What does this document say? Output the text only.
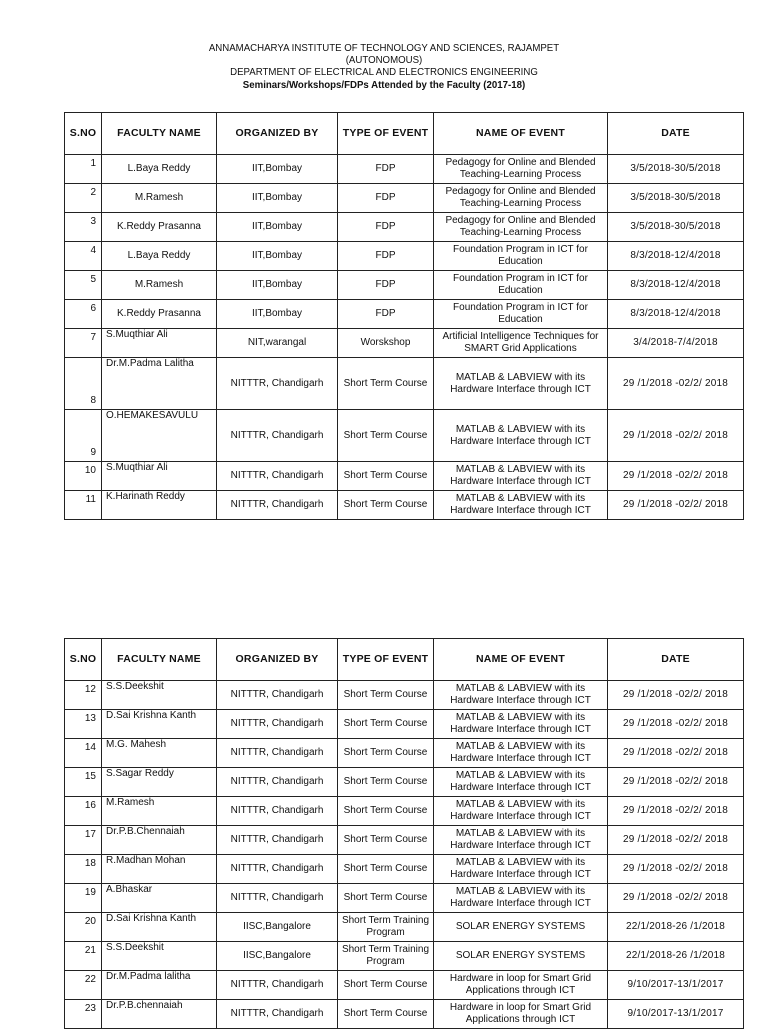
ANNAMACHARYA INSTITUTE OF TECHNOLOGY AND SCIENCES, RAJAMPET
(AUTONOMOUS)
DEPARTMENT OF ELECTRICAL AND ELECTRONICS ENGINEERING
Seminars/Workshops/FDPs Attended by the Faculty (2017-18)
S.NO	FACULTY NAME	ORGANIZED BY	TYPE OF EVENT	NAME OF EVENT	DATE
1	L.Baya Reddy	IIT,Bombay	FDP	Pedagogy for Online and Blended Teaching-Learning Process	3/5/2018-30/5/2018
2	M.Ramesh	IIT,Bombay	FDP	Pedagogy for Online and Blended Teaching-Learning Process	3/5/2018-30/5/2018
3	K.Reddy Prasanna	IIT,Bombay	FDP	Pedagogy for Online and Blended Teaching-Learning Process	3/5/2018-30/5/2018
4	L.Baya Reddy	IIT,Bombay	FDP	Foundation Program in ICT for Education	8/3/2018-12/4/2018
5	M.Ramesh	IIT,Bombay	FDP	Foundation Program in ICT for Education	8/3/2018-12/4/2018
6	K.Reddy Prasanna	IIT,Bombay	FDP	Foundation Program in ICT for Education	8/3/2018-12/4/2018
7	S.Muqthiar Ali	NIT,warangal	Worskshop	Artificial Intelligence Techniques for SMART Grid Applications	3/4/2018-7/4/2018
8	Dr.M.Padma Lalitha	NITTTR, Chandigarh	Short Term Course	MATLAB & LABVIEW with its Hardware Interface through ICT	29 /1/2018 -02/2/ 2018
9	O.HEMAKESAVULU	NITTTR, Chandigarh	Short Term Course	MATLAB & LABVIEW with its Hardware Interface through ICT	29 /1/2018 -02/2/ 2018
10	S.Muqthiar Ali	NITTTR, Chandigarh	Short Term Course	MATLAB & LABVIEW with its Hardware Interface through ICT	29 /1/2018 -02/2/ 2018
11	K.Harinath Reddy	NITTTR, Chandigarh	Short Term Course	MATLAB & LABVIEW with its Hardware Interface through ICT	29 /1/2018 -02/2/ 2018
S.NO	FACULTY NAME	ORGANIZED BY	TYPE OF EVENT	NAME OF EVENT	DATE
12	S.S.Deekshit	NITTTR, Chandigarh	Short Term Course	MATLAB & LABVIEW with its Hardware Interface through ICT	29 /1/2018 -02/2/ 2018
13	D.Sai Krishna Kanth	NITTTR, Chandigarh	Short Term Course	MATLAB & LABVIEW with its Hardware Interface through ICT	29 /1/2018 -02/2/ 2018
14	M.G. Mahesh	NITTTR, Chandigarh	Short Term Course	MATLAB & LABVIEW with its Hardware Interface through ICT	29 /1/2018 -02/2/ 2018
15	S.Sagar Reddy	NITTTR, Chandigarh	Short Term Course	MATLAB & LABVIEW with its Hardware Interface through ICT	29 /1/2018 -02/2/ 2018
16	M.Ramesh	NITTTR, Chandigarh	Short Term Course	MATLAB & LABVIEW with its Hardware Interface through ICT	29 /1/2018 -02/2/ 2018
17	Dr.P.B.Chennaiah	NITTTR, Chandigarh	Short Term Course	MATLAB & LABVIEW with its Hardware Interface through ICT	29 /1/2018 -02/2/ 2018
18	R.Madhan Mohan	NITTTR, Chandigarh	Short Term Course	MATLAB & LABVIEW with its Hardware Interface through ICT	29 /1/2018 -02/2/ 2018
19	A.Bhaskar	NITTTR, Chandigarh	Short Term Course	MATLAB & LABVIEW with its Hardware Interface through ICT	29 /1/2018 -02/2/ 2018
20	D.Sai Krishna Kanth	IISC,Bangalore	Short Term Training Program	SOLAR ENERGY SYSTEMS	22/1/2018-26 /1/2018
21	S.S.Deekshit	IISC,Bangalore	Short Term Training Program	SOLAR ENERGY SYSTEMS	22/1/2018-26 /1/2018
22	Dr.M.Padma lalitha	NITTTR, Chandigarh	Short Term Course	Hardware in loop for Smart Grid Applications through ICT	9/10/2017-13/1/2017
23	Dr.P.B.chennaiah	NITTTR, Chandigarh	Short Term Course	Hardware in loop for Smart Grid Applications through ICT	9/10/2017-13/1/2017
